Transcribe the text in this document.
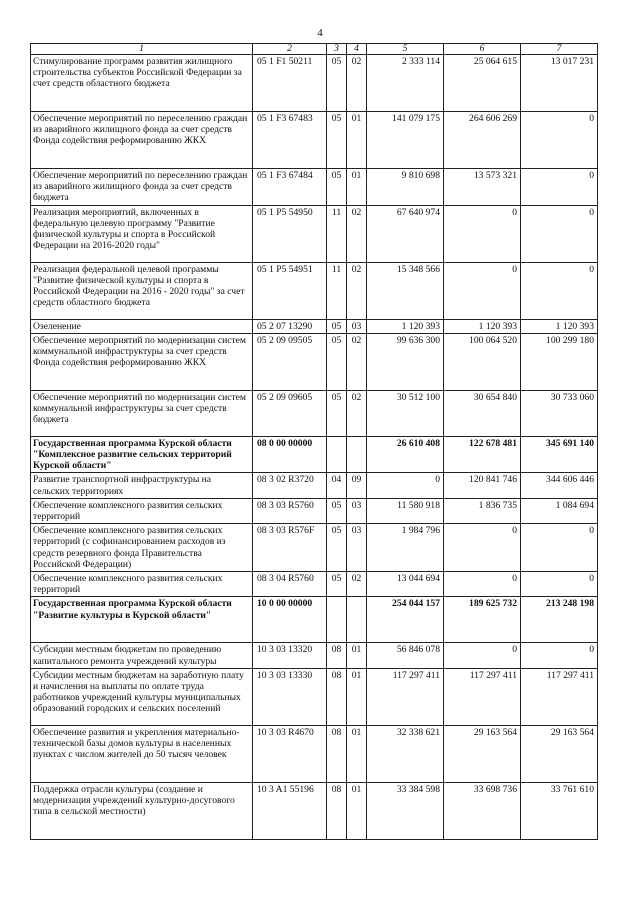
4
1	2	3	4	5	6	7
Стимулирование программ развития жилищного строительства субъектов Российской Федерации за счет средств областного бюджета	05 1 F1 50211	05	02	2 333 114	25 064 615	13 017 231
Обеспечение мероприятий по переселению граждан из аварийного жилищного фонда за счет средств Фонда содействия реформированию ЖКХ	05 1 F3 67483	05	01	141 079 175	264 606 269	0
Обеспечение мероприятий по переселению граждан из аварийного жилищного фонда за счет средств бюджета	05 1 F3 67484	05	01	9 810 698	13 573 321	0
Реализация мероприятий, включенных в федеральную целевую программу "Развитие физической культуры и спорта в Российской Федерации на 2016-2020 годы"	05 1 P5 54950	11	02	67 640 974	0	0
Реализация федеральной целевой программы "Развитие физической культуры и спорта в Российской Федерации на 2016 - 2020 годы" за счет средств областного бюджета	05 1 P5 54951	11	02	15 348 566	0	0
Озеленение	05 2 07 13290	05	03	1 120 393	1 120 393	1 120 393
Обеспечение мероприятий по модернизации систем коммунальной инфраструктуры за счет средств Фонда содействия реформированию ЖКХ	05 2 09 09505	05	02	99 636 300	100 064 520	100 299 180
Обеспечение мероприятий по модернизации систем коммунальной инфраструктуры за счет средств бюджета	05 2 09 09605	05	02	30 512 100	30 654 840	30 733 060
Государственная программа Курской области "Комплексное развитие сельских территорий Курской области"	08 0 00 00000			26 610 408	122 678 481	345 691 140
Развитие транспортной инфраструктуры на сельских территориях	08 3 02 R3720	04	09	0	120 841 746	344 606 446
Обеспечение комплексного развития сельских территорий	08 3 03 R5760	05	03	11 580 918	1 836 735	1 084 694
Обеспечение комплексного развития сельских территорий (с софинансированием расходов из средств резервного фонда Правительства Российской Федерации)	08 3 03 R576F	05	03	1 984 796	0	0
Обеспечение комплексного развития сельских территорий	08 3 04 R5760	05	02	13 044 694	0	0
Государственная программа Курской области "Развитие культуры в Курской области"	10 0 00 00000			254 044 157	189 625 732	213 248 198
Субсидии местным бюджетам по проведению капитального ремонта учреждений культуры	10 3 03 13320	08	01	56 846 078	0	0
Субсидии местным бюджетам на заработную плату и начисления на выплаты по оплате труда работников учреждений культуры муниципальных образований городских и сельских поселений	10 3 03 13330	08	01	117 297 411	117 297 411	117 297 411
Обеспечение развития и укрепления материально-технической базы домов культуры в населенных пунктах с числом жителей до 50 тысяч человек	10 3 03 R4670	08	01	32 338 621	29 163 564	29 163 564
Поддержка отрасли культуры (создание и модернизация учреждений культурно-досугового типа в сельской местности)	10 3 A1 55196	08	01	33 384 598	33 698 736	33 761 610
